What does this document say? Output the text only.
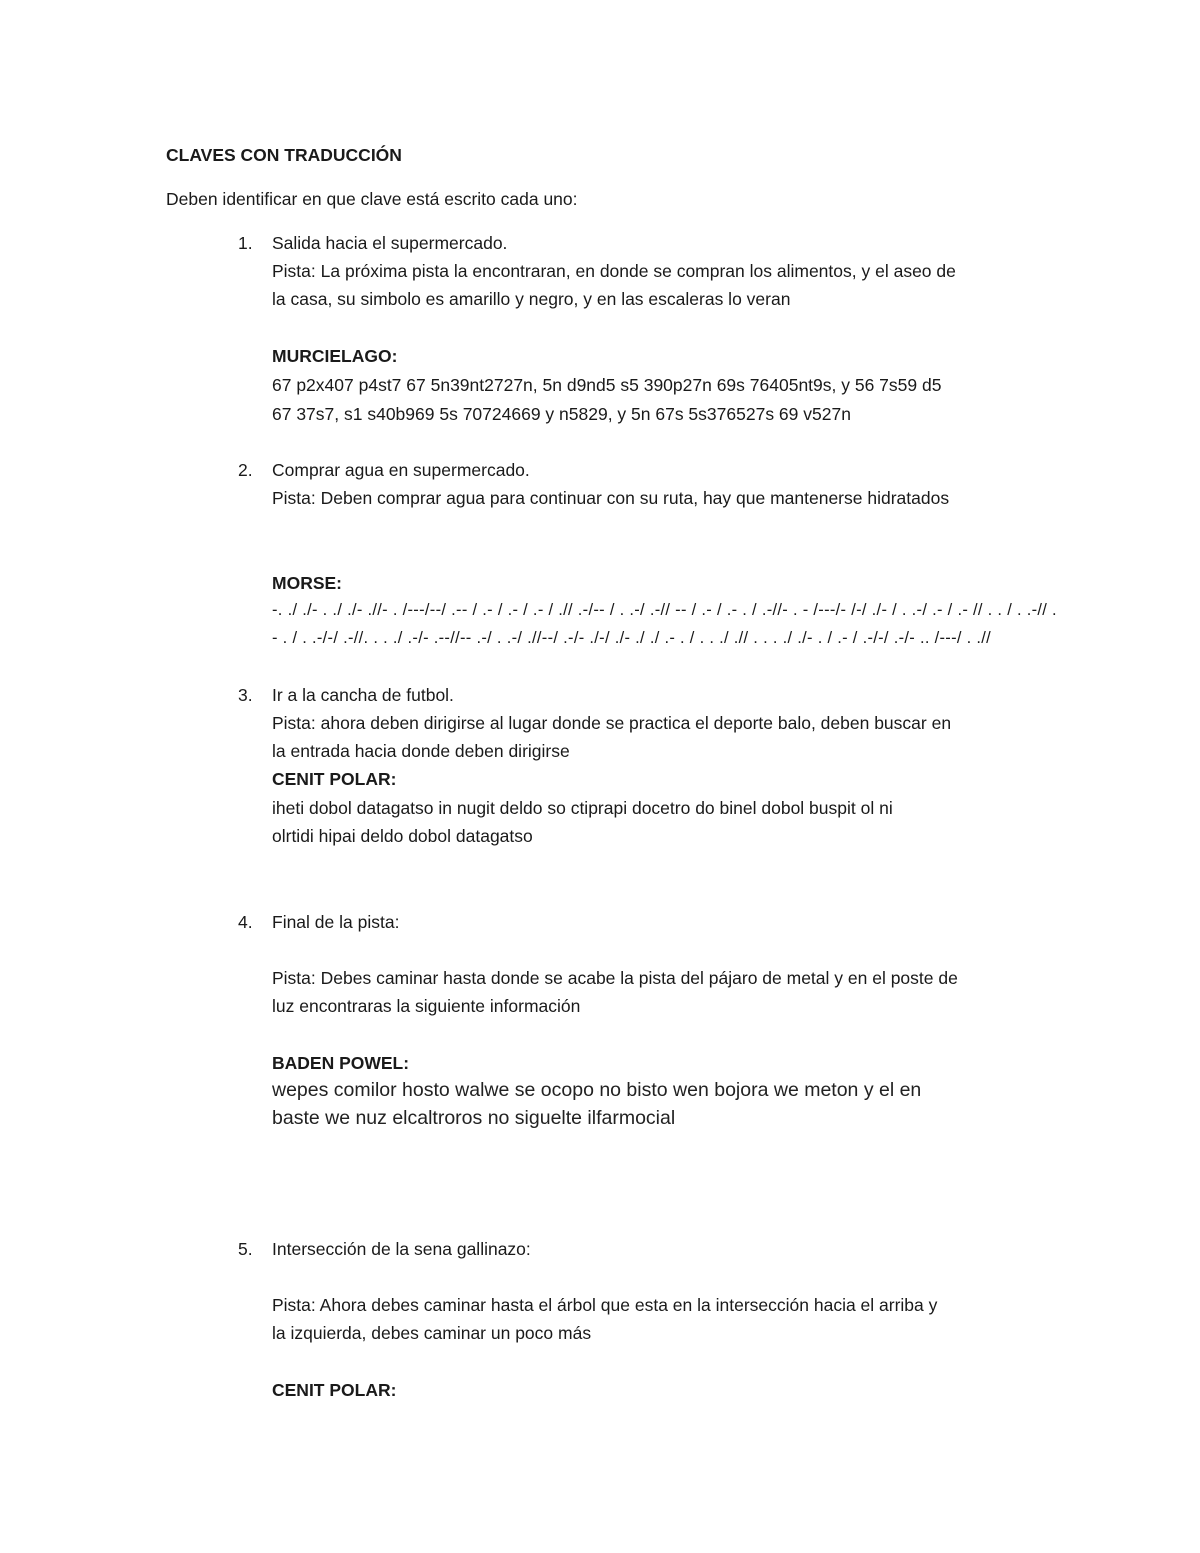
CLAVES CON TRADUCCIÓN
Deben identificar en que clave está escrito cada uno:
1. Salida hacia el supermercado.
Pista: La próxima pista la encontraran, en donde se compran los alimentos, y el aseo de
la casa, su simbolo es amarillo y negro, y en las escaleras lo veran
MURCIELAGO:
67 p2x407 p4st7 67 5n39nt2727n, 5n d9nd5 s5 390p27n 69s 76405nt9s, y 56 7s59 d5
67 37s7, s1 s40b969 5s 70724669 y n5829, y 5n 67s 5s376527s 69 v527n
2. Comprar agua en supermercado.
Pista: Deben comprar agua para continuar con su ruta, hay que mantenerse hidratados
MORSE:
-. ./ ./- . ./ ./- .//- . /---/--/ .-- / .- / .- / .- / .// .-/-- / . .-/ .-// -- / .- / .- . / .-//- . - /---/- /-/ ./- / . .-/ .- / .- // . . / . .-// .
- . / . .-/-/ .-//. . . ./ .-/- .--//-- .-/ . .-/ .//--/ .-/- ./-/ ./- ./ ./ .- . / . . ./ .// . . . ./ ./- . / .- / .-/-/ .-/- .. /---/ . .//
3. Ir a la cancha de futbol.
Pista: ahora deben dirigirse al lugar donde se practica el deporte balo, deben buscar en
la entrada hacia donde deben dirigirse
CENIT POLAR:
iheti dobol datagatso in nugit deldo so ctiprapi docetro do binel dobol buspit ol ni
olrtidi hipai deldo dobol datagatso
4. Final de la pista:
Pista: Debes caminar hasta donde se acabe la pista del pájaro de metal y en el poste de
luz encontraras la siguiente información
BADEN POWEL:
wepes comilor hosto walwe se ocopo no bisto wen bojora we meton y el en
baste we nuz elcaltroros no siguelte ilfarmocial
5. Intersección de la sena gallinazo:
Pista: Ahora debes caminar hasta el árbol que esta en la intersección hacia el arriba y
la izquierda, debes caminar un poco más
CENIT POLAR:
